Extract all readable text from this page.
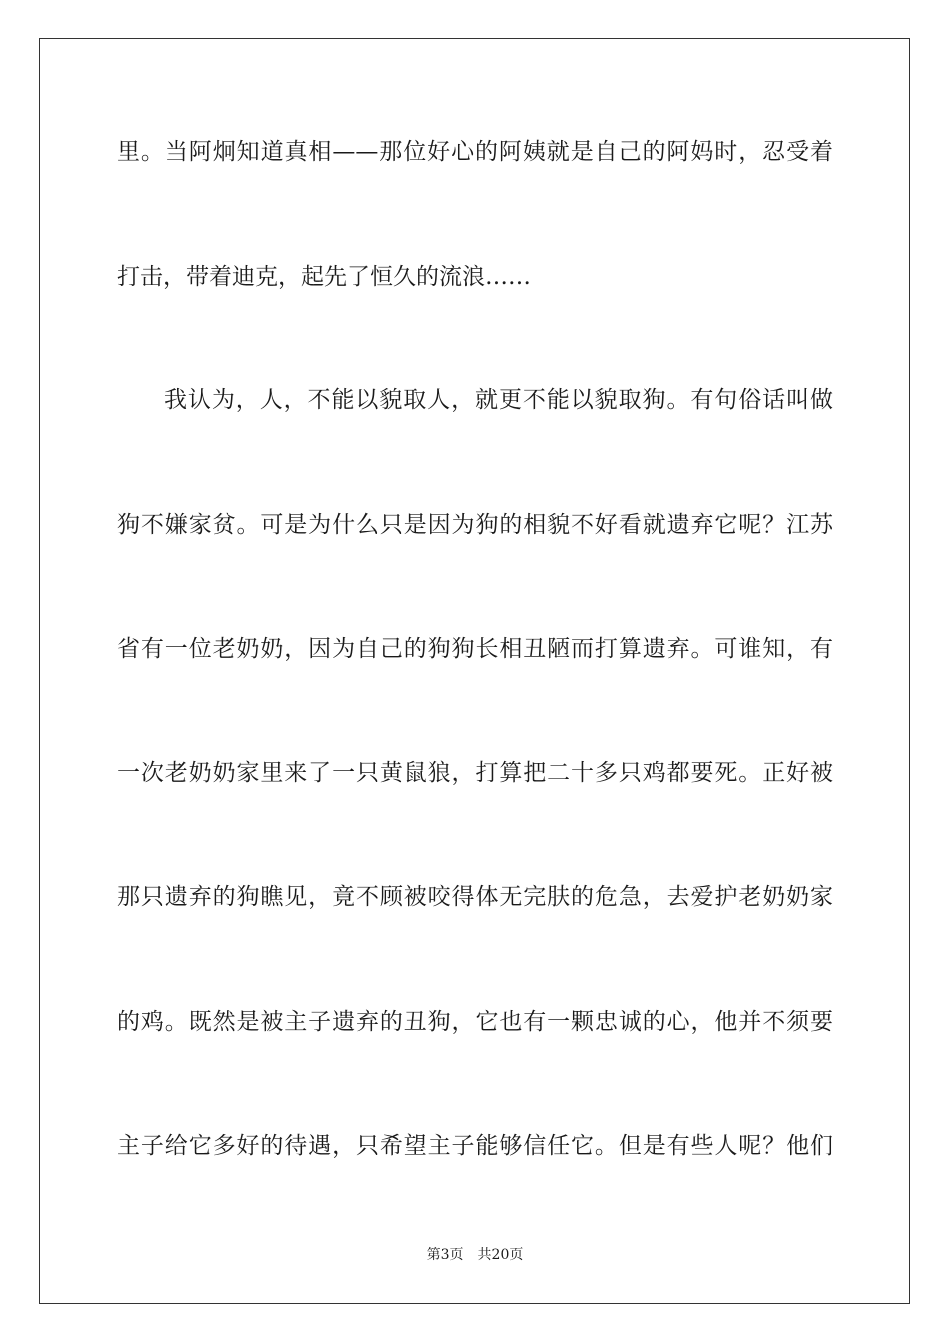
里。当阿炯知道真相——那位好心的阿姨就是自己的阿妈时，忍受着
打击，带着迪克，起先了恒久的流浪……
我认为，人，不能以貌取人，就更不能以貌取狗。有句俗话叫做
狗不嫌家贫。可是为什么只是因为狗的相貌不好看就遗弃它呢？江苏
省有一位老奶奶，因为自己的狗狗长相丑陋而打算遗弃。可谁知，有
一次老奶奶家里来了一只黄鼠狼，打算把二十多只鸡都要死。正好被
那只遗弃的狗瞧见，竟不顾被咬得体无完肤的危急，去爱护老奶奶家
的鸡。既然是被主子遗弃的丑狗，它也有一颗忠诚的心，他并不须要
主子给它多好的待遇，只希望主子能够信任它。但是有些人呢？他们
第3页 共20页
